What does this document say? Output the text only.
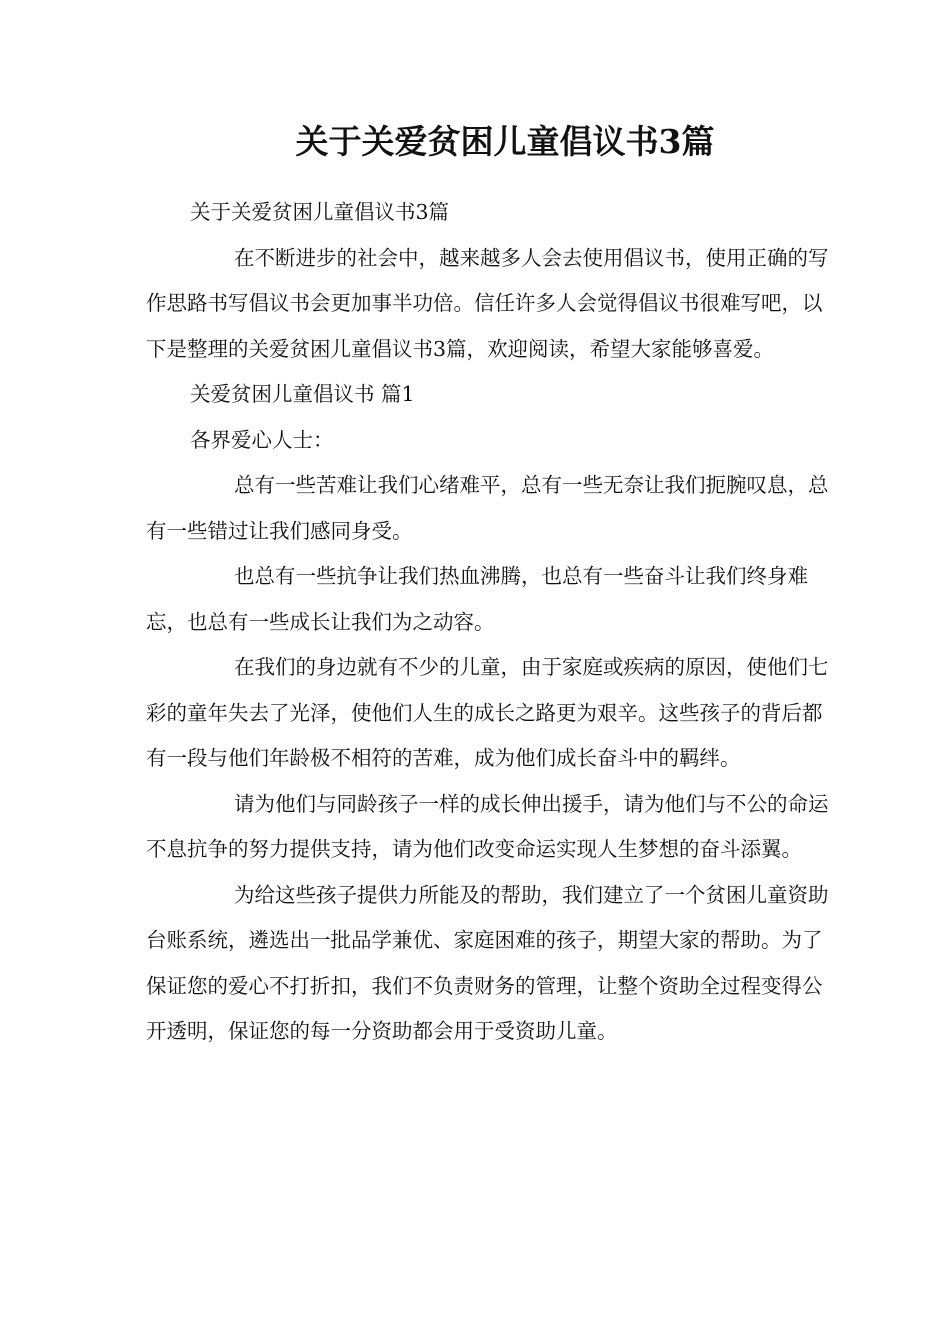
关于关爱贫困儿童倡议书3篇

关于关爱贫困儿童倡议书3篇

在不断进步的社会中，越来越多人会去使用倡议书，使用正确的写作思路书写倡议书会更加事半功倍。信任许多人会觉得倡议书很难写吧，以下是整理的关爱贫困儿童倡议书3篇，欢迎阅读，希望大家能够喜爱。

关爱贫困儿童倡议书 篇1

各界爱心人士：

总有一些苦难让我们心绪难平，总有一些无奈让我们扼腕叹息，总有一些错过让我们感同身受。

也总有一些抗争让我们热血沸腾，也总有一些奋斗让我们终身难忘，也总有一些成长让我们为之动容。

在我们的身边就有不少的儿童，由于家庭或疾病的原因，使他们七彩的童年失去了光泽，使他们人生的成长之路更为艰辛。这些孩子的背后都有一段与他们年龄极不相符的苦难，成为他们成长奋斗中的羁绊。

请为他们与同龄孩子一样的成长伸出援手，请为他们与不公的命运不息抗争的努力提供支持，请为他们改变命运实现人生梦想的奋斗添翼。

为给这些孩子提供力所能及的帮助，我们建立了一个贫困儿童资助台账系统，遴选出一批品学兼优、家庭困难的孩子，期望大家的帮助。为了保证您的爱心不打折扣，我们不负责财务的管理，让整个资助全过程变得公开透明，保证您的每一分资助都会用于受资助儿童。
